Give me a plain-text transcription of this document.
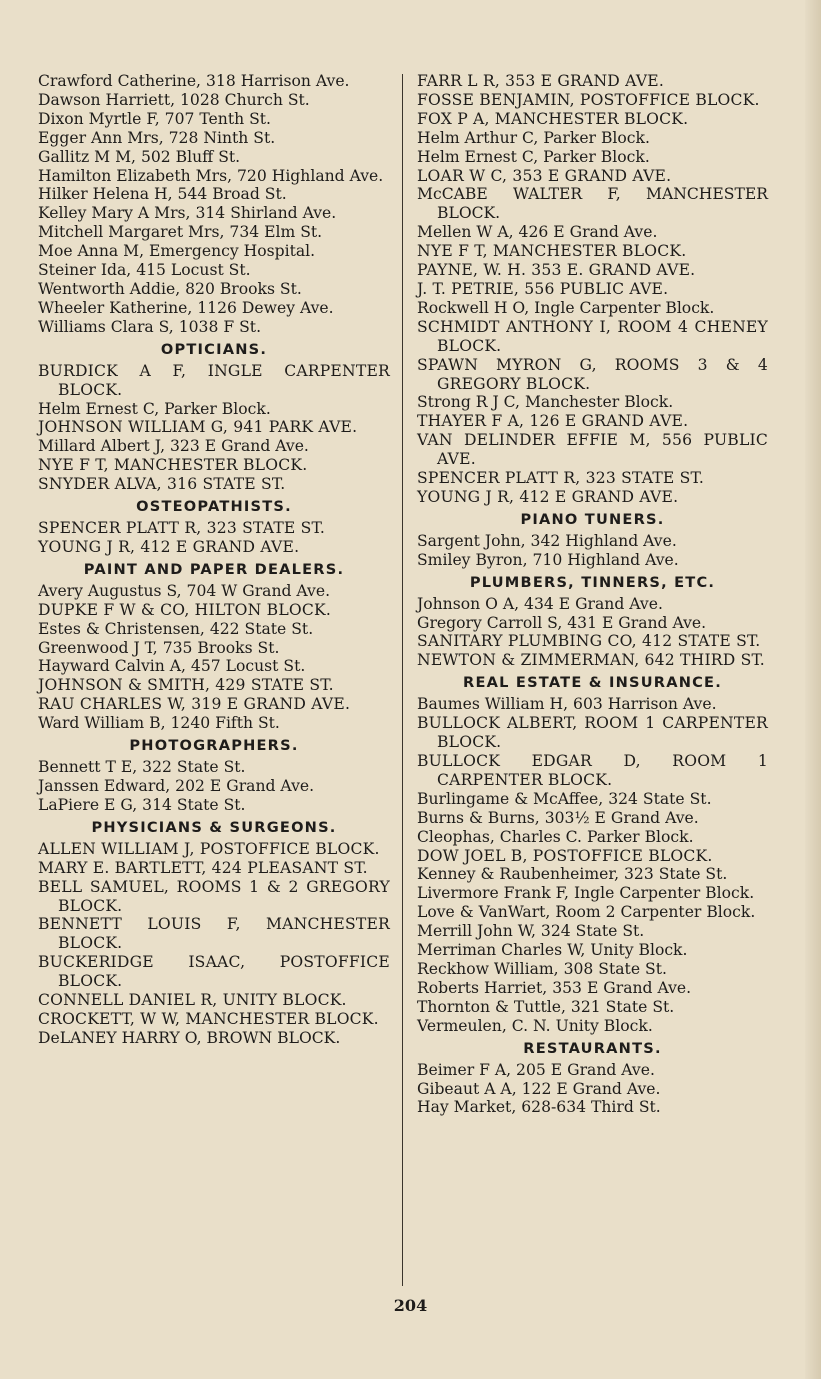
Crawford Catherine, 318 Harrison Ave.

Dawson Harriett, 1028 Church St.

Dixon Myrtle F, 707 Tenth St.

Egger Ann Mrs, 728 Ninth St.

Gallitz M M, 502 Bluff St.

Hamilton Elizabeth Mrs, 720 Highland Ave.

Hilker Helena H, 544 Broad St.

Kelley Mary A Mrs, 314 Shirland Ave.

Mitchell Margaret Mrs, 734 Elm St.

Moe Anna M, Emergency Hospital.

Steiner Ida, 415 Locust St.

Wentworth Addie, 820 Brooks St.

Wheeler Katherine, 1126 Dewey Ave.

Williams Clara S, 1038 F St.

OPTICIANS.

BURDICK A F, INGLE CARPENTER BLOCK.

Helm Ernest C, Parker Block.

JOHNSON WILLIAM G, 941 PARK AVE.

Millard Albert J, 323 E Grand Ave.

NYE F T, MANCHESTER BLOCK.

SNYDER ALVA, 316 STATE ST.

OSTEOPATHISTS.

SPENCER PLATT R, 323 STATE ST.

YOUNG J R, 412 E GRAND AVE.

PAINT AND PAPER DEALERS.

Avery Augustus S, 704 W Grand Ave.

DUPKE F W & CO, HILTON BLOCK.

Estes & Christensen, 422 State St.

Greenwood J T, 735 Brooks St.

Hayward Calvin A, 457 Locust St.

JOHNSON & SMITH, 429 STATE ST.

RAU CHARLES W, 319 E GRAND AVE.

Ward William B, 1240 Fifth St.

PHOTOGRAPHERS.

Bennett T E, 322 State St.

Janssen Edward, 202 E Grand Ave.

LaPiere E G, 314 State St.

PHYSICIANS & SURGEONS.

ALLEN WILLIAM J, POSTOFFICE BLOCK.

MARY E. BARTLETT, 424 PLEASANT ST.

BELL SAMUEL, ROOMS 1 & 2 GREGORY BLOCK.

BENNETT LOUIS F, MANCHESTER BLOCK.

BUCKERIDGE ISAAC, POSTOFFICE BLOCK.

CONNELL DANIEL R, UNITY BLOCK.

CROCKETT, W W, MANCHESTER BLOCK.

DeLANEY HARRY O, BROWN BLOCK.

FARR L R, 353 E GRAND AVE.

FOSSE BENJAMIN, POSTOFFICE BLOCK.

FOX P A, MANCHESTER BLOCK.

Helm Arthur C, Parker Block.

Helm Ernest C, Parker Block.

LOAR W C, 353 E GRAND AVE.

McCABE WALTER F, MANCHESTER BLOCK.

Mellen W A, 426 E Grand Ave.

NYE F T, MANCHESTER BLOCK.

PAYNE, W. H. 353 E. GRAND AVE.

J. T. PETRIE, 556 PUBLIC AVE.

Rockwell H O, Ingle Carpenter Block.

SCHMIDT ANTHONY I, ROOM 4 CHENEY BLOCK.

SPAWN MYRON G, ROOMS 3 & 4 GREGORY BLOCK.

Strong R J C, Manchester Block.

THAYER F A, 126 E GRAND AVE.

VAN DELINDER EFFIE M, 556 PUBLIC AVE.

SPENCER PLATT R, 323 STATE ST.

YOUNG J R, 412 E GRAND AVE.

PIANO TUNERS.

Sargent John, 342 Highland Ave.

Smiley Byron, 710 Highland Ave.

PLUMBERS, TINNERS, ETC.

Johnson O A, 434 E Grand Ave.

Gregory Carroll S, 431 E Grand Ave.

SANITARY PLUMBING CO, 412 STATE ST.

NEWTON & ZIMMERMAN, 642 THIRD ST.

REAL ESTATE & INSURANCE.

Baumes William H, 603 Harrison Ave.

BULLOCK ALBERT, ROOM 1 CARPENTER BLOCK.

BULLOCK EDGAR D, ROOM 1 CARPENTER BLOCK.

Burlingame & McAffee, 324 State St.

Burns & Burns, 303½ E Grand Ave.

Cleophas, Charles C. Parker Block.

DOW JOEL B, POSTOFFICE BLOCK.

Kenney & Raubenheimer, 323 State St.

Livermore Frank F, Ingle Carpenter Block.

Love & VanWart, Room 2 Carpenter Block.

Merrill John W, 324 State St.

Merriman Charles W, Unity Block.

Reckhow William, 308 State St.

Roberts Harriet, 353 E Grand Ave.

Thornton & Tuttle, 321 State St.

Vermeulen, C. N. Unity Block.

RESTAURANTS.

Beimer F A, 205 E Grand Ave.

Gibeaut A A, 122 E Grand Ave.

Hay Market, 628-634 Third St.

204
